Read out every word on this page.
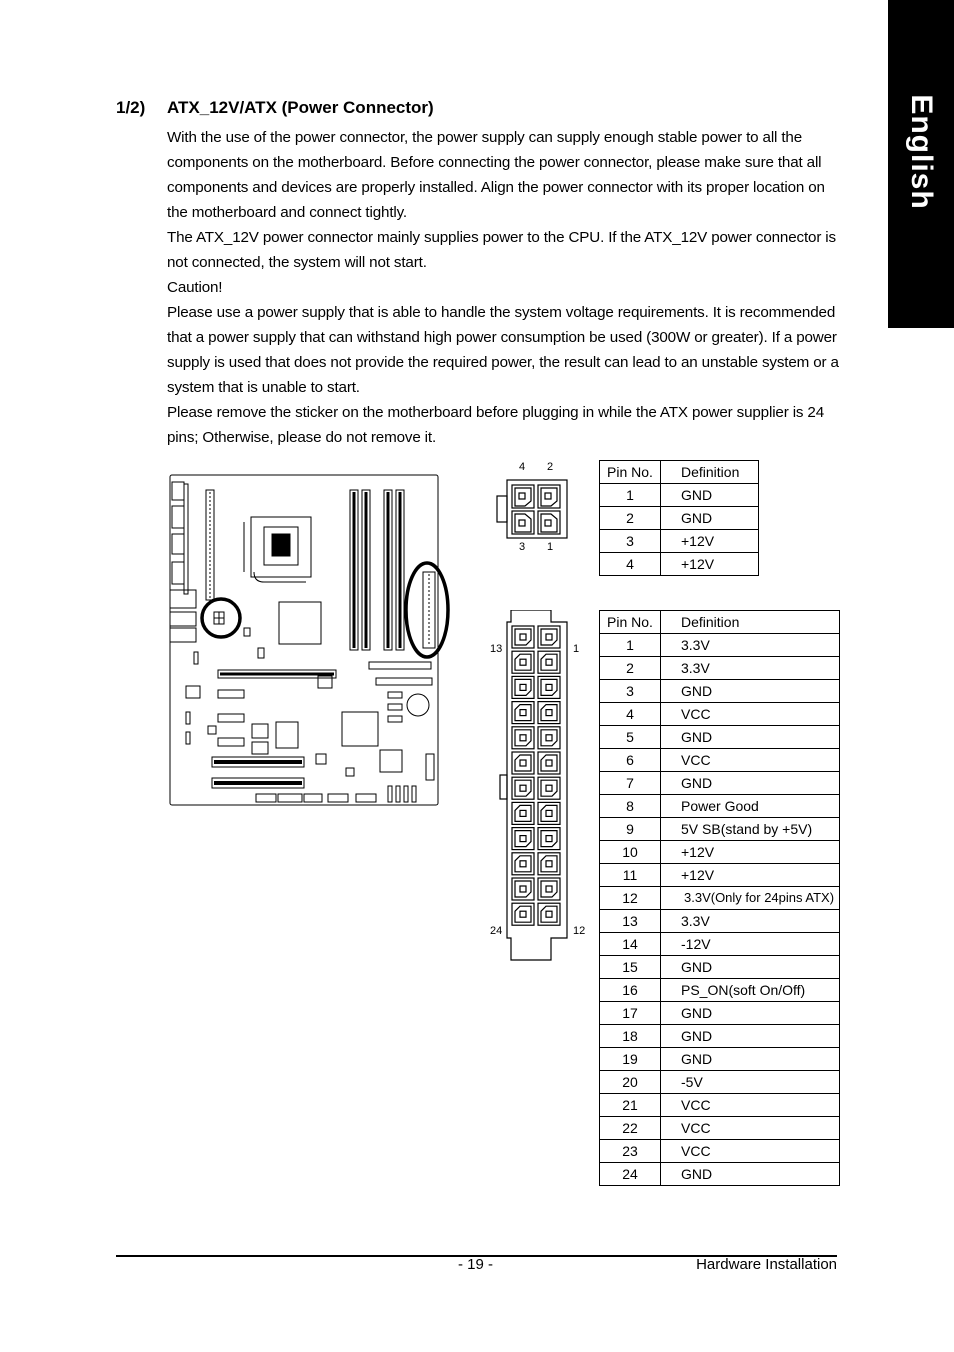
English
1/2) ATX_12V/ATX (Power Connector)

With the use of the power connector, the power supply can supply enough stable power to all the components on the motherboard. Before connecting the power connector, please make sure that all components and devices are properly installed. Align the power connector with its proper location on the motherboard and connect tightly.

The ATX_12V power connector mainly supplies power to the CPU. If the ATX_12V power connector is not connected, the system will not start.

Caution!

Please use a power supply that is able to handle the system voltage requirements. It is recommended that a power supply that can withstand high power consumption be used (300W or greater). If a power supply is used that does not provide the required power, the result can lead to an unstable system or a system that is unable to start.

Please remove the sticker on the motherboard before plugging in while the ATX power supplier is 24 pins; Otherwise, please do not remove it.

4 2
3 1
Pin No.	Definition
1	GND
2	GND
3	+12V
4	+12V
13	1
24	12
Pin No.	Definition
1	3.3V
2	3.3V
3	GND
4	VCC
5	GND
6	VCC
7	GND
8	Power Good
9	5V SB(stand by +5V)
10	+12V
11	+12V
12	3.3V(Only for 24pins ATX)
13	3.3V
14	-12V
15	GND
16	PS_ON(soft On/Off)
17	GND
18	GND
19	GND
20	-5V
21	VCC
22	VCC
23	VCC
24	GND
- 19 -	Hardware Installation
